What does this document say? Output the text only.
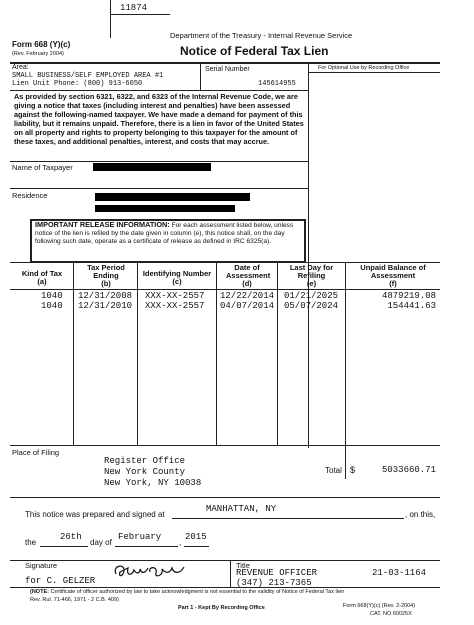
11874
Form 668 (Y)(c)
(Rev. February 2004)
Department of the Treasury - Internal Revenue Service
Notice of Federal Tax Lien
Area:
SMALL BUSINESS/SELF EMPLOYED AREA #1
Lien Unit Phone: (800) 913-6050
Serial Number
145614955
For Optional Use by Recording Office
As provided by section 6321, 6322, and 6323 of the Internal Revenue Code, we are giving a notice that taxes (including interest and penalties) have been assessed against the following-named taxpayer. We have made a demand for payment of this liability, but it remains unpaid. Therefore, there is a lien in favor of the United States on all property and rights to property belonging to this taxpayer for the amount of these taxes, and additional penalties, interest, and costs that may accrue.
Name of Taxpayer
Residence
IMPORTANT RELEASE INFORMATION: For each assessment listed below, unless notice of the lien is refiled by the date given in column (e), this notice shall, on the day following such date, operate as a certificate of release as defined in IRC 6325(a).
Kind of Tax
(a)
Tax Period Ending
(b)
Identifying Number
(c)
Date of Assessment
(d)
Last Day for Refiling
(e)
Unpaid Balance of Assessment
(f)
1040 12/31/2008 XXX-XX-2557 12/22/2014 01/21/2025	4879219.08
1040 12/31/2010 XXX-XX-2557 04/07/2014 05/07/2024	154441.63
Place of Filing
Register Office
New York County
New York, NY 10038
Total $	5033660.71
This notice was prepared and signed at
MANHATTAN, NY
, on this,
the
26th
day of
February
,
2015
Signature
for C. GELZER
Title
REVENUE OFFICER
(347) 213-7365
21-03-1164
(NOTE: Certificate of officer authorized by law to take acknowledgment is not essential to the validity of Notice of Federal Tax lien
Rev. Rul. 71-466, 1971 - 2 C.B. 409)
Part 1 - Kept By Recording Office	Form 668(Y)(c) (Rev. 2-2004)
CAT. NO 60025X
